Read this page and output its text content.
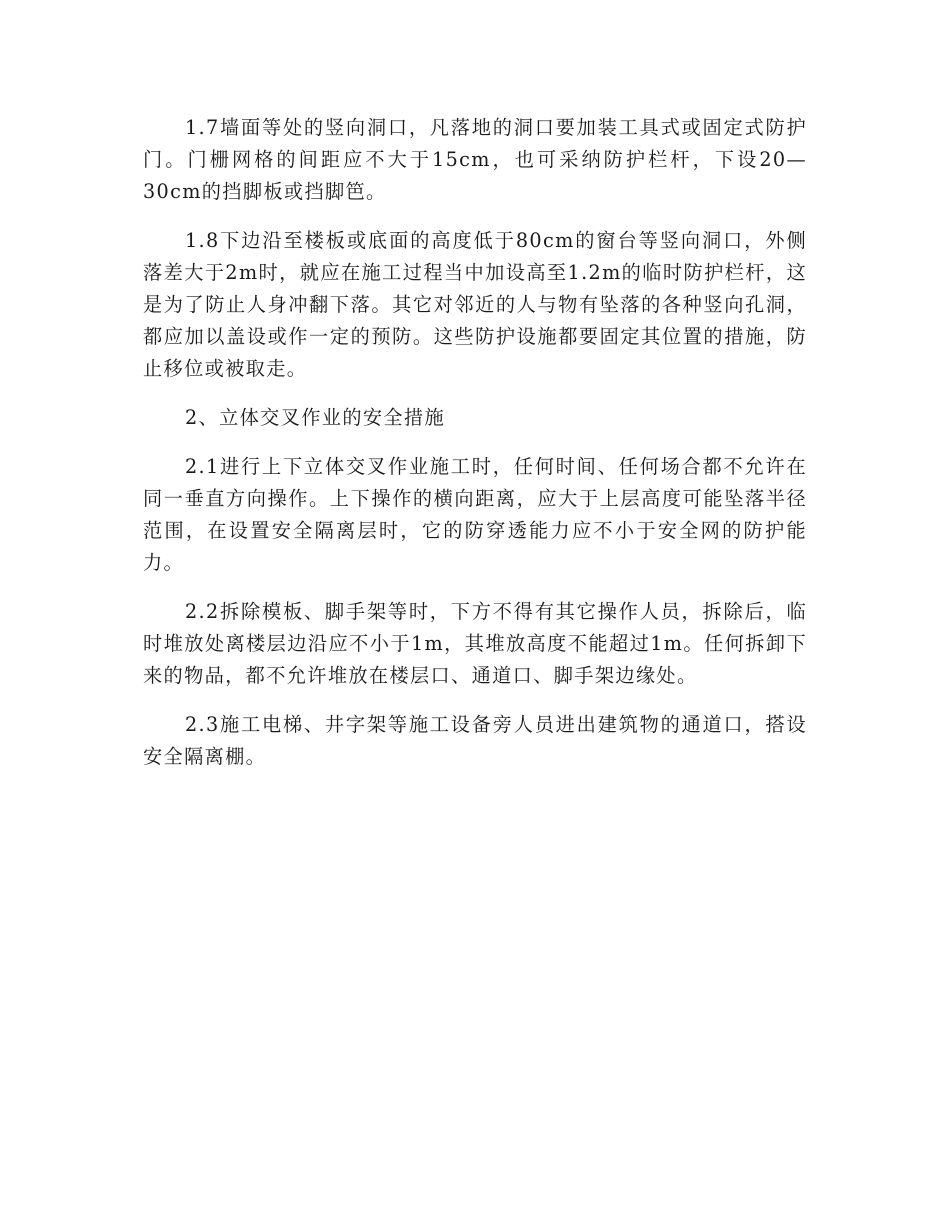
1.7墙面等处的竖向洞口，凡落地的洞口要加装工具式或固定式防护门。门栅网格的间距应不大于15cm，也可采纳防护栏杆，下设20—30cm的挡脚板或挡脚笆。

1.8下边沿至楼板或底面的高度低于80cm的窗台等竖向洞口，外侧落差大于2m时，就应在施工过程当中加设高至1.2m的临时防护栏杆，这是为了防止人身冲翻下落。其它对邻近的人与物有坠落的各种竖向孔洞，都应加以盖设或作一定的预防。这些防护设施都要固定其位置的措施，防止移位或被取走。

2、立体交叉作业的安全措施

2.1进行上下立体交叉作业施工时，任何时间、任何场合都不允许在同一垂直方向操作。上下操作的横向距离，应大于上层高度可能坠落半径范围，在设置安全隔离层时，它的防穿透能力应不小于安全网的防护能力。

2.2拆除模板、脚手架等时，下方不得有其它操作人员，拆除后，临时堆放处离楼层边沿应不小于1m，其堆放高度不能超过1m。任何拆卸下来的物品，都不允许堆放在楼层口、通道口、脚手架边缘处。

2.3施工电梯、井字架等施工设备旁人员进出建筑物的通道口，搭设安全隔离棚。
